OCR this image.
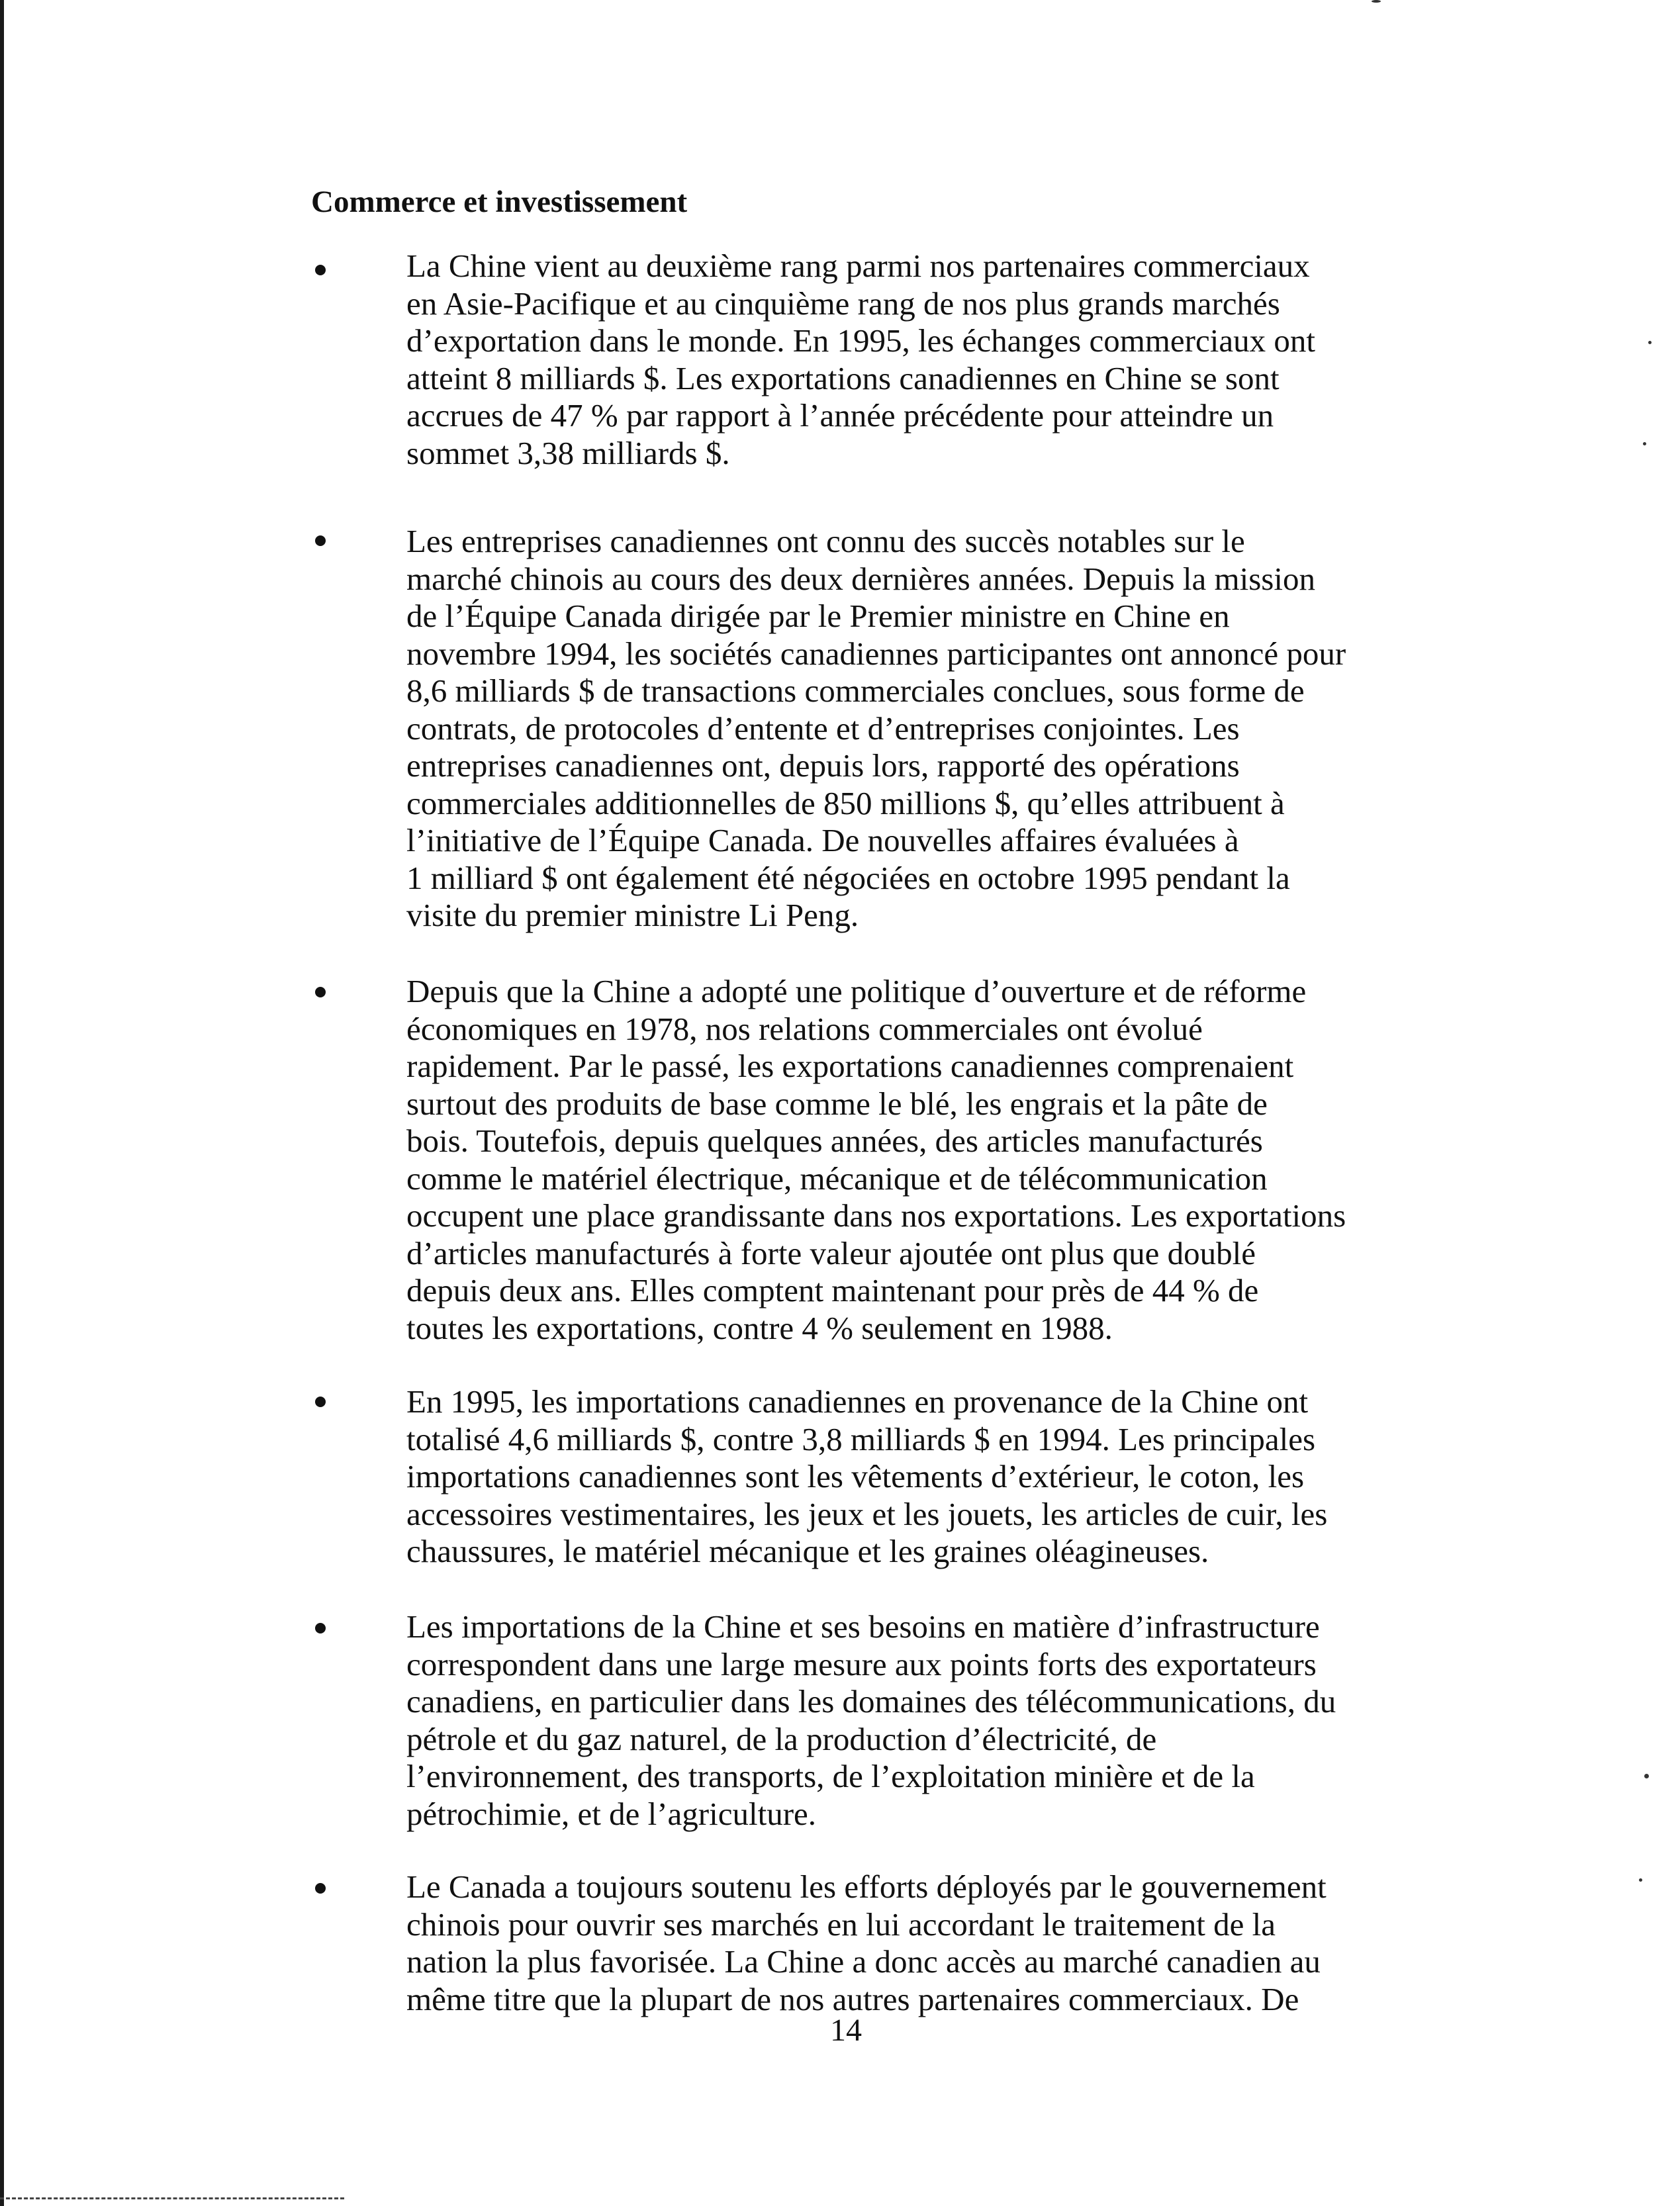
Commerce et investissement

La Chine vient au deuxième rang parmi nos partenaires commerciaux
en Asie-Pacifique et au cinquième rang de nos plus grands marchés
d’exportation dans le monde. En 1995, les échanges commerciaux ont
atteint 8 milliards $. Les exportations canadiennes en Chine se sont
accrues de 47 % par rapport à l’année précédente pour atteindre un
sommet 3,38 milliards $.

Les entreprises canadiennes ont connu des succès notables sur le
marché chinois au cours des deux dernières années. Depuis la mission
de l’Équipe Canada dirigée par le Premier ministre en Chine en
novembre 1994, les sociétés canadiennes participantes ont annoncé pour
8,6 milliards $ de transactions commerciales conclues, sous forme de
contrats, de protocoles d’entente et d’entreprises conjointes. Les
entreprises canadiennes ont, depuis lors, rapporté des opérations
commerciales additionnelles de 850 millions $, qu’elles attribuent à
l’initiative de l’Équipe Canada. De nouvelles affaires évaluées à
1 milliard $ ont également été négociées en octobre 1995 pendant la
visite du premier ministre Li Peng.

Depuis que la Chine a adopté une politique d’ouverture et de réforme
économiques en 1978, nos relations commerciales ont évolué
rapidement. Par le passé, les exportations canadiennes comprenaient
surtout des produits de base comme le blé, les engrais et la pâte de
bois. Toutefois, depuis quelques années, des articles manufacturés
comme le matériel électrique, mécanique et de télécommunication
occupent une place grandissante dans nos exportations. Les exportations
d’articles manufacturés à forte valeur ajoutée ont plus que doublé
depuis deux ans. Elles comptent maintenant pour près de 44 % de
toutes les exportations, contre 4 % seulement en 1988.

En 1995, les importations canadiennes en provenance de la Chine ont
totalisé 4,6 milliards $, contre 3,8 milliards $ en 1994. Les principales
importations canadiennes sont les vêtements d’extérieur, le coton, les
accessoires vestimentaires, les jeux et les jouets, les articles de cuir, les
chaussures, le matériel mécanique et les graines oléagineuses.

Les importations de la Chine et ses besoins en matière d’infrastructure
correspondent dans une large mesure aux points forts des exportateurs
canadiens, en particulier dans les domaines des télécommunications, du
pétrole et du gaz naturel, de la production d’électricité, de
l’environnement, des transports, de l’exploitation minière et de la
pétrochimie, et de l’agriculture.

Le Canada a toujours soutenu les efforts déployés par le gouvernement
chinois pour ouvrir ses marchés en lui accordant le traitement de la
nation la plus favorisée. La Chine a donc accès au marché canadien au
même titre que la plupart de nos autres partenaires commerciaux. De

14
